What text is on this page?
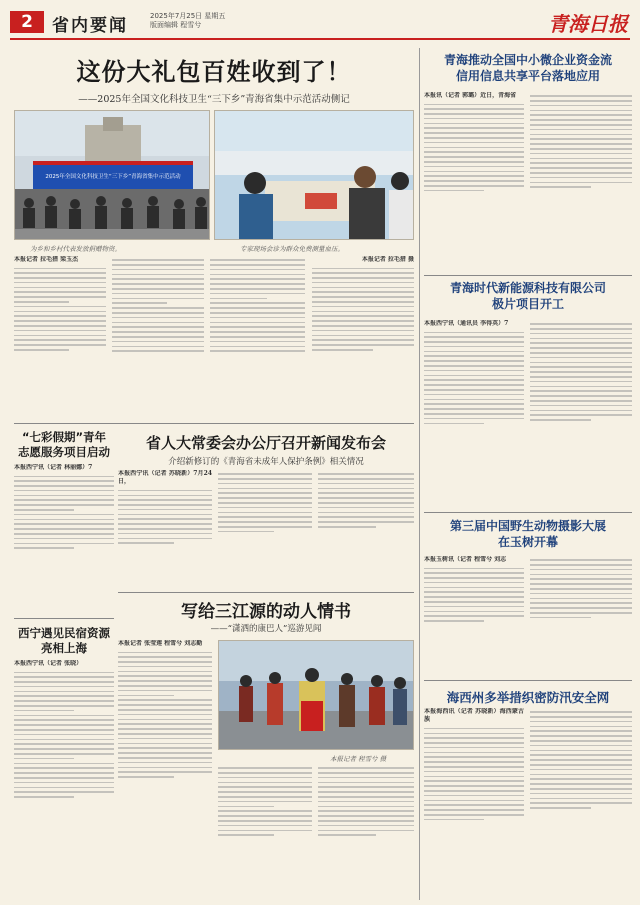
2	省内要闻	2025年7月25日 星期五
版面编辑 程雪兮	青海日报
这份大礼包百姓收到了！
——2025年全国文化科技卫生“三下乡”青海省集中示范活动侧记
2025年全国文化科技卫生“三下乡”青海省集中示范活动
为乡和乡村代表发放捐赠物资。	专家现场会诊为群众免费测量血压。
本报记者 拉毛措 梁玉杰	本报记者 拉毛措 摄
“七彩假期”青年
志愿服务项目启动
本报西宁讯（记者 林丽娜）7
西宁遇见民宿资源
亮相上海
本报西宁讯（记者 张晓）
省人大常委会办公厅召开新闻发布会
介绍新修订的《青海省未成年人保护条例》相关情况
本报西宁讯（记者 苏晓新）7月24日，
写给三江源的动人情书
——“潇洒的康巴人”巡游见闻
本报记者 张莹莲 程雪兮 刘志勤
本报记者 程雪兮 摄
青海推动全国中小微企业资金流
信用信息共享平台落地应用
本报讯（记者 郭璐）近日，青海省
青海时代新能源科技有限公司
极片项目开工
本报西宁讯（通讯员 李得英）7
第三届中国野生动物摄影大展
在玉树开幕
本报玉树讯（记者 程雪兮 刘志
海西州多举措织密防汛安全网
本报海西讯（记者 苏晓新）海西蒙古族
